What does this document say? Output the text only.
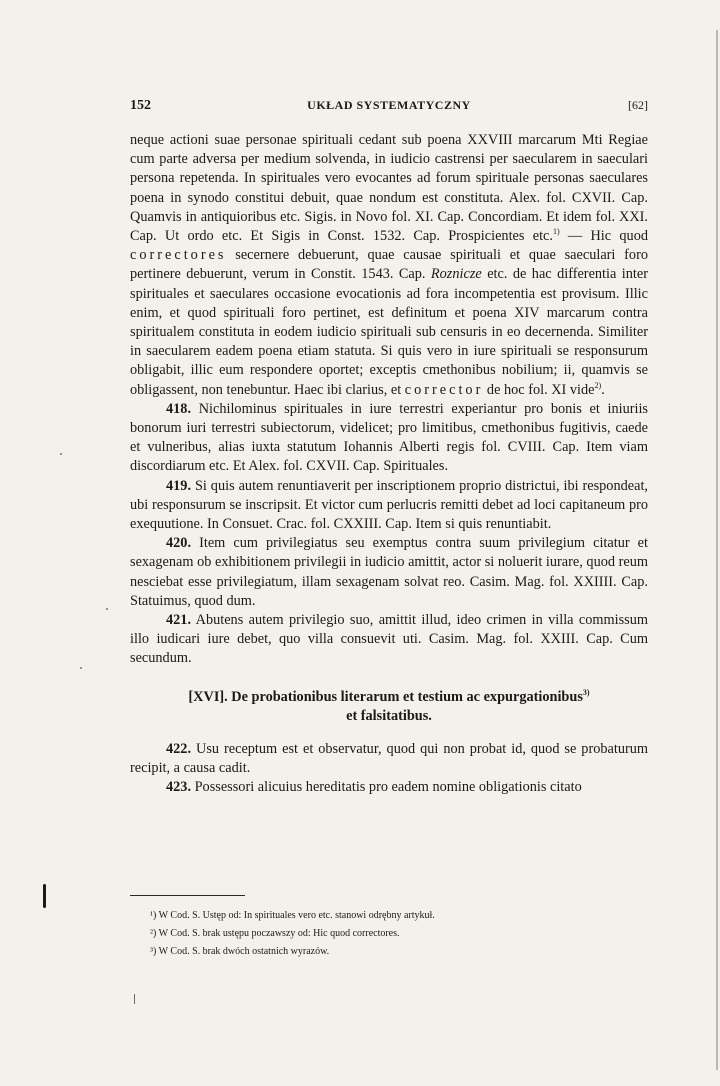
152	UKŁAD SYSTEMATYCZNY	[62]

neque actioni suae personae spirituali cedant sub poena XXVIII marcarum Mti Regiae cum parte adversa per medium solvenda, in iudicio castrensi per saecularem in saeculari persona repetenda. In spirituales vero evocantes ad forum spirituale personas saeculares poena in synodo constitui debuit, quae nondum est constituta. Alex. fol. CXVII. Cap. Quamvis in antiquioribus etc. Sigis. in Novo fol. XI. Cap. Concordiam. Et idem fol. XXI. Cap. Ut ordo etc. Et Sigis in Const. 1532. Cap. Prospicientes etc.$^{1)}$ — Hic quod correctores secernere debuerunt, quae causae spirituali et quae saeculari foro pertinere debuerunt, verum in Constit. 1543. Cap. Roznicze etc. de hac differentia inter spirituales et saeculares occasione evocationis ad fora incompetentia est provisum. Illic enim, et quod spirituali foro pertinet, est definitum et poena XIV marcarum contra spiritualem constituta in eodem iudicio spirituali sub censuris in eo decernenda. Similiter in saecularem eadem poena etiam statuta. Si quis vero in iure spirituali se responsurum obligabit, illic eum respondere oportet; exceptis cmethonibus nobilium; ii, quamvis se obligassent, non tenebuntur. Haec ibi clarius, et corrector de hoc fol. XI vide$^{2)}$.

418. Nichilominus spirituales in iure terrestri experiantur pro bonis et iniuriis bonorum iuri terrestri subiectorum, videlicet; pro limitibus, cmethonibus fugitivis, caede et vulneribus, alias iuxta statutum Iohannis Alberti regis fol. CVIII. Cap. Item viam discordiarum etc. Et Alex. fol. CXVII. Cap. Spirituales.

419. Si quis autem renuntiaverit per inscriptionem proprio districtui, ibi respondeat, ubi responsurum se inscripsit. Et victor cum perlucris remitti debet ad loci capitaneum pro exequutione. In Consuet. Crac. fol. CXXIII. Cap. Item si quis renuntiabit.

420. Item cum privilegiatus seu exemptus contra suum privilegium citatur et sexagenam ob exhibitionem privilegii in iudicio amittit, actor si noluerit iurare, quod reum nesciebat esse privilegiatum, illam sexagenam solvat reo. Casim. Mag. fol. XXIIII. Cap. Statuimus, quod dum.

421. Abutens autem privilegio suo, amittit illud, ideo crimen in villa commissum illo iudicari iure debet, quo villa consuevit uti. Casim. Mag. fol. XXIII. Cap. Cum secundum.

[XVI]. De probationibus literarum et testium ac expurgationibus$^{3)}$
et falsitatibus.

422. Usu receptum est et observatur, quod qui non probat id, quod se probaturum recipit, a causa cadit.

423. Possessori alicuius hereditatis pro eadem nomine obligationis citato

¹) W Cod. S. Ustęp od: In spirituales vero etc. stanowi odrębny artykuł.

²) W Cod. S. brak ustępu poczawszy od: Hic quod correctores.

³) W Cod. S. brak dwóch ostatnich wyrazów.
